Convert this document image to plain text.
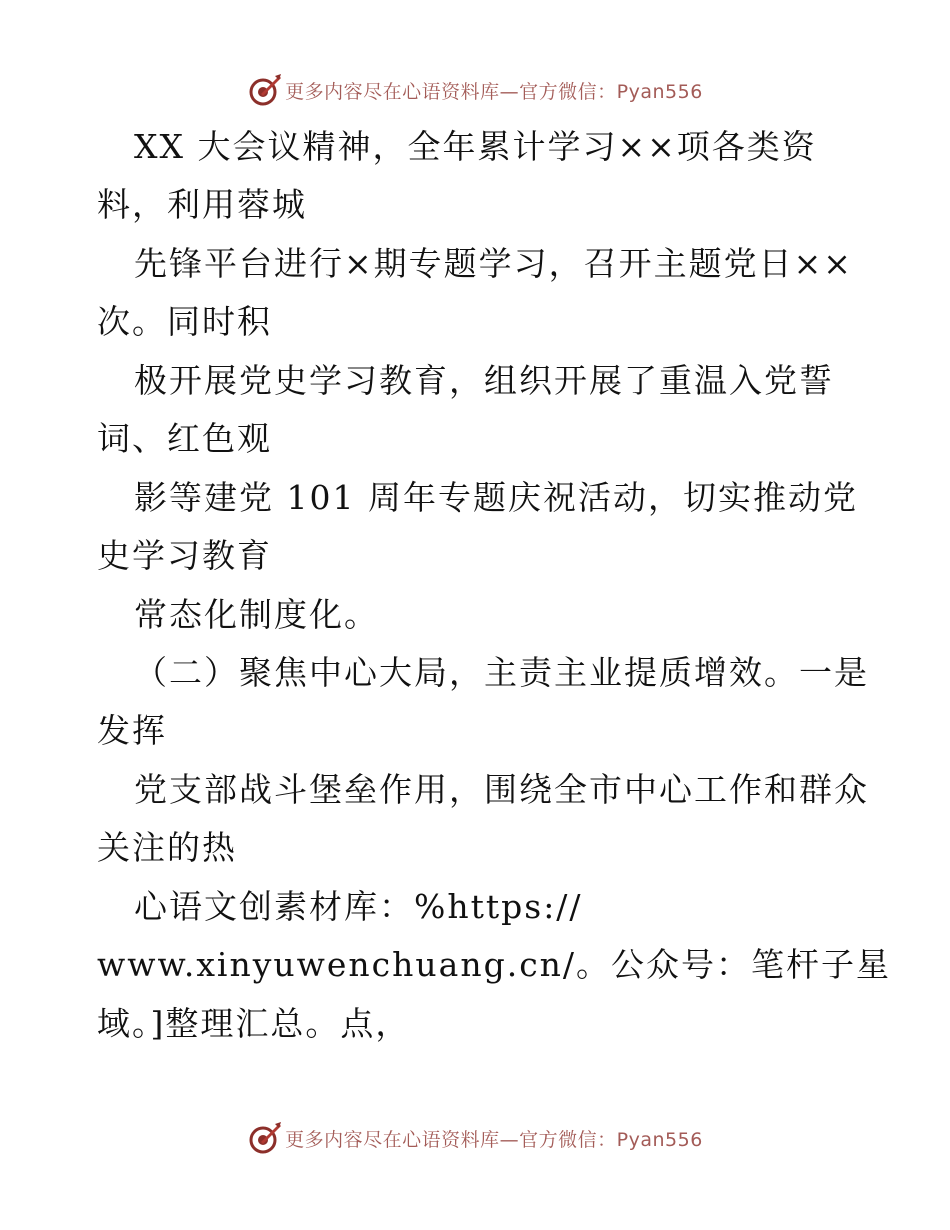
更多内容尽在心语资料库—官方微信：Pyan556
XX 大会议精神，全年累计学习××项各类资
料，利用蓉城
先锋平台进行×期专题学习，召开主题党日××
次。同时积
极开展党史学习教育，组织开展了重温入党誓
词、红色观
影等建党 101 周年专题庆祝活动，切实推动党
史学习教育
常态化制度化。
（二）聚焦中心大局，主责主业提质增效。一是
发挥
党支部战斗堡垒作用，围绕全市中心工作和群众
关注的热
心语文创素材库：%https://
www.xinyuwenchuang.cn/。公众号：笔杆子星
域。]整理汇总。点，
更多内容尽在心语资料库—官方微信：Pyan556
